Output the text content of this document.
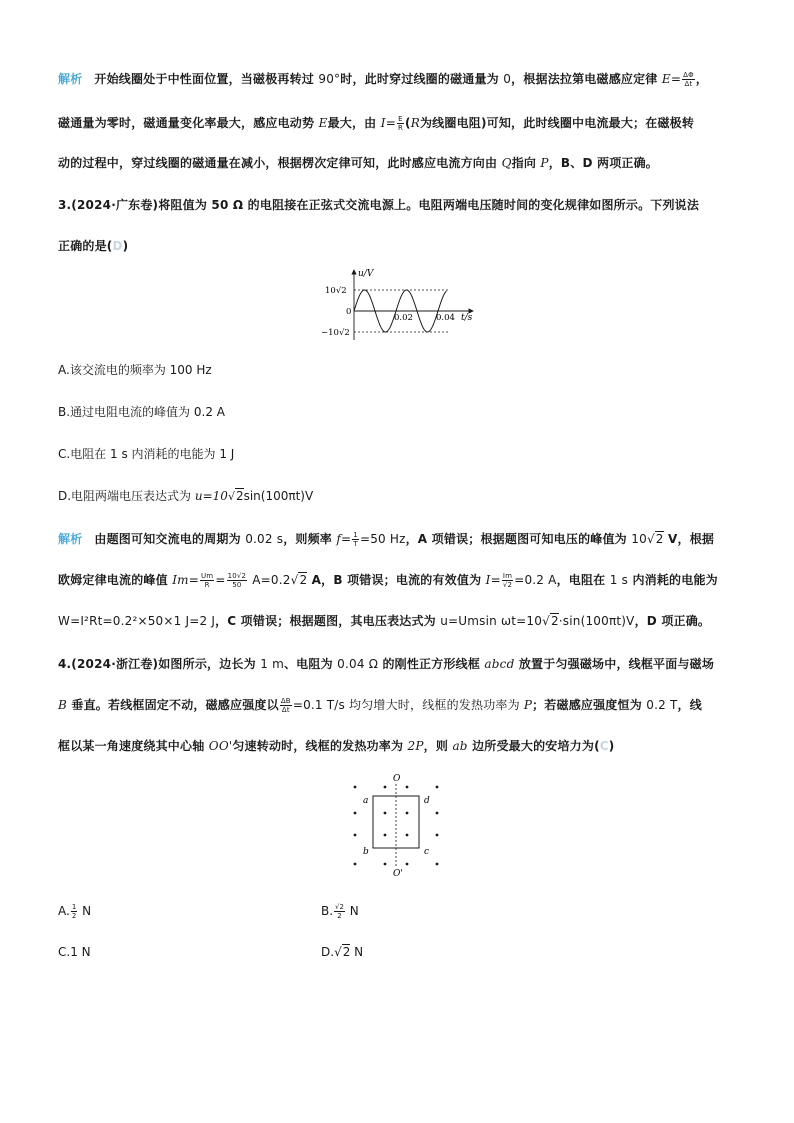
解析 开始线圈处于中性面位置，当磁极再转过 90°时，此时穿过线圈的磁通量为 0，根据法拉第电磁感应定律 $E= \frac{\Delta\Phi}{\Delta t}$ ，
磁通量为零时，磁通量变化率最大，感应电动势 E最大，由 $I= \frac{E}{R} (R$为线圈电阻)可知，此时线圈中电流最大；在磁极转
动的过程中，穿过线圈的磁通量在减小，根据楞次定律可知，此时感应电流方向由 Q指向 P，B、D 两项正确。
3.(2024·广东卷)将阻值为 50 Ω 的电阻接在正弦式交流电源上。电阻两端电压随时间的变化规律如图所示。下列说法
正确的是(D)
u/V
t/s
10√2
0
−10√2
0.02	0.04
A.该交流电的频率为 100 Hz
B.通过电阻电流的峰值为 0.2 A
C.电阻在 1 s 内消耗的电能为 1 J
D.电阻两端电压表达式为 u=10√2sin(100πt)V
解析 由题图可知交流电的周期为 0.02 s，则频率 $f= \frac{1}{T} =50$ Hz，A 项错误；根据题图可知电压的峰值为 10√2 V，根据
欧姆定律电流的峰值 $Im= \frac{Um}{R} = \frac{10√2}{50} A=0.2√2$ A，B 项错误；电流的有效值为 $I= \frac{Im}{√2} =0.2$ A，电阻在 1 s 内消耗的电能为
W=I²Rt=0.2²×50×1 J=2 J，C 项错误；根据题图，其电压表达式为 u=Umsin ωt=10√2·sin(100πt)V，D 项正确。
4.(2024·浙江卷)如图所示，边长为 1 m、电阻为 0.04 Ω 的刚性正方形线框 abcd 放置于匀强磁场中，线框平面与磁场
B 垂直。若线框固定不动，磁感应强度以 $\frac{\Delta B}{\Delta t} =0.1$ T/s 均匀增大时，线框的发热功率为 P；若磁感应强度恒为 0.2 T，线
框以某一角速度绕其中心轴 OO'匀速转动时，线框的发热功率为 2P，则 ab 边所受最大的安培力为(C)
O
O'
a	d
b	c
A. $\frac{1}{2}$ N	B. $\frac{√2}{2}$ N
C.1 N	D.√2 N
